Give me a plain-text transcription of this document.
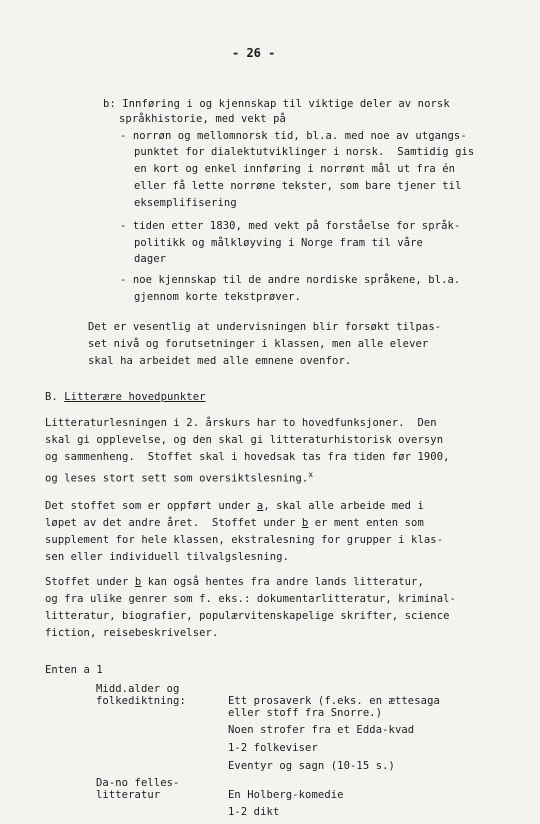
- 26 -
b: Innføring i og kjennskap til viktige deler av norsk
språkhistorie, med vekt på
- norrøn og mellomnorsk tid, bl.a. med noe av utgangs-
punktet for dialektutviklinger i norsk.  Samtidig gis
en kort og enkel innføring i norrønt mål ut fra én
eller få lette norrøne tekster, som bare tjener til
eksemplifisering
- tiden etter 1830, med vekt på forståelse for språk-
politikk og målkløyving i Norge fram til våre
dager
- noe kjennskap til de andre nordiske språkene, bl.a.
gjennom korte tekstprøver.
Det er vesentlig at undervisningen blir forsøkt tilpas-
set nivå og forutsetninger i klassen, men alle elever
skal ha arbeidet med alle emnene ovenfor.
B. Litterære hovedpunkter
Litteraturlesningen i 2. årskurs har to hovedfunksjoner.  Den
skal gi opplevelse, og den skal gi litteraturhistorisk oversyn
og sammenheng.  Stoffet skal i hovedsak tas fra tiden før 1900,
og leses stort sett som oversiktslesning.$^x$
Det stoffet som er oppført under a, skal alle arbeide med i
løpet av det andre året.  Stoffet under b er ment enten som
supplement for hele klassen, ekstralesning for grupper i klas-
sen eller individuell tilvalgslesning.
Stoffet under b kan også hentes fra andre lands litteratur,
og fra ulike genrer som f. eks.: dokumentarlitteratur, kriminal-
litteratur, biografier, populærvitenskapelige skrifter, science
fiction, reisebeskrivelser.
Enten a 1
Midd.alder og
folkediktning:	Ett prosaverk (f.eks. en ættesaga
eller stoff fra Snorre.)
Noen strofer fra et Edda-kvad
1-2 folkeviser
Eventyr og sagn (10-15 s.)
Da-no felles-
litteratur	En Holberg-komedie
1-2 dikt
